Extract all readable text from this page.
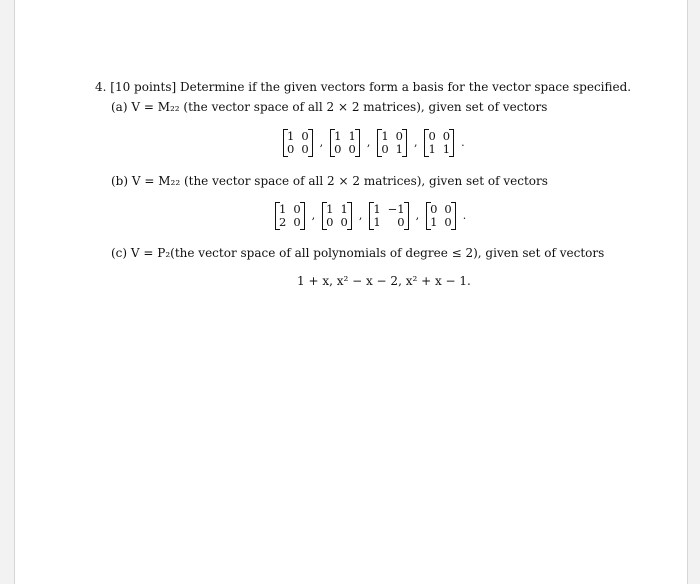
4. [10 points] Determine if the given vectors form a basis for the vector space specified.
(a) V = M₂₂ (the vector space of all 2 × 2 matrices), given set of vectors
1 0
0 0 , 1 1
0 0 , 1 0
0 1 , 0 0
1 1 .
(b) V = M₂₂ (the vector space of all 2 × 2 matrices), given set of vectors
1 0
2 0 , 1 1
0 0 , 1 −1
1	0 , 0 0
1 0 .
(c) V = P₂(the vector space of all polynomials of degree ≤ 2), given set of vectors
1 + x, x² − x − 2, x² + x − 1.
